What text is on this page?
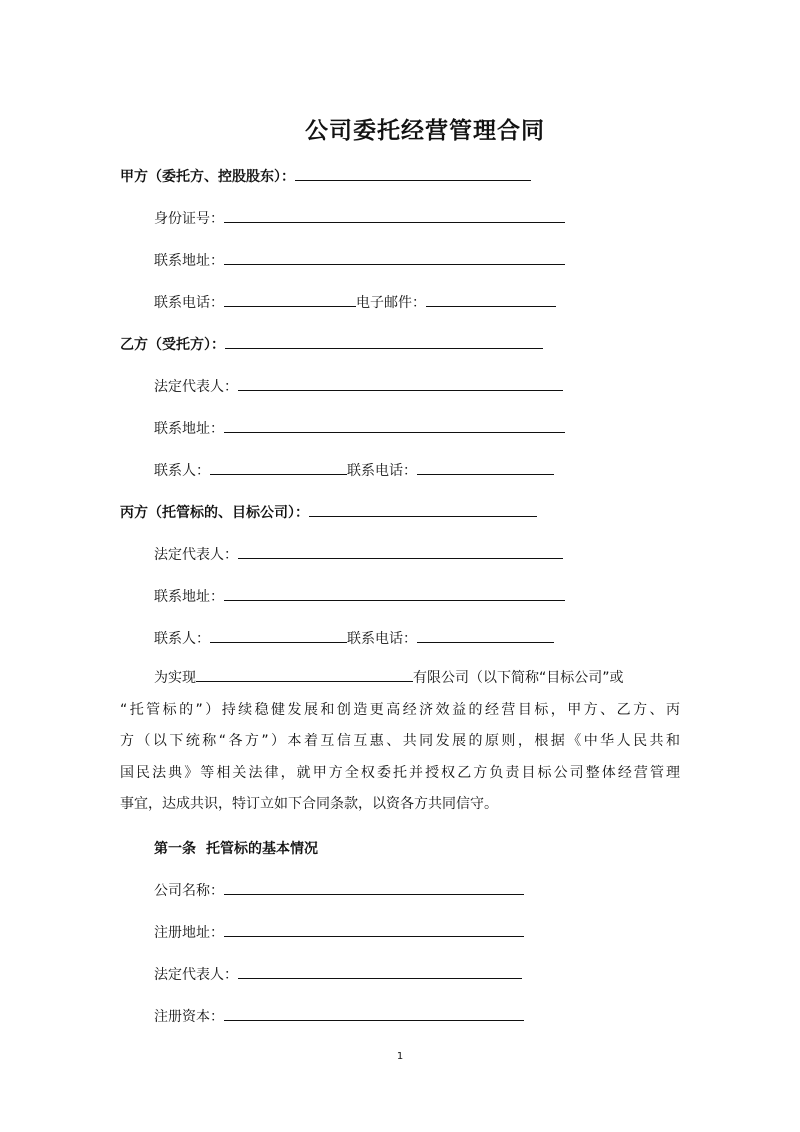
公司委托经营管理合同
甲方（委托方、控股股东）：
身份证号：
联系地址：
联系电话：	电子邮件：
乙方（受托方）：
法定代表人：
联系地址：
联系人：	联系电话：
丙方（托管标的、目标公司）：
法定代表人：
联系地址：
联系人：	联系电话：
为实现	有限公司（以下简称“目标公司”或
“托管标的”）持续稳健发展和创造更高经济效益的经营目标，甲方、乙方、丙
方（以下统称“各方”）本着互信互惠、共同发展的原则，根据《中华人民共和
国民法典》等相关法律，就甲方全权委托并授权乙方负责目标公司整体经营管理
事宜，达成共识，特订立如下合同条款，以资各方共同信守。
第一条 托管标的基本情况
公司名称：
注册地址：
法定代表人：
注册资本：
1
